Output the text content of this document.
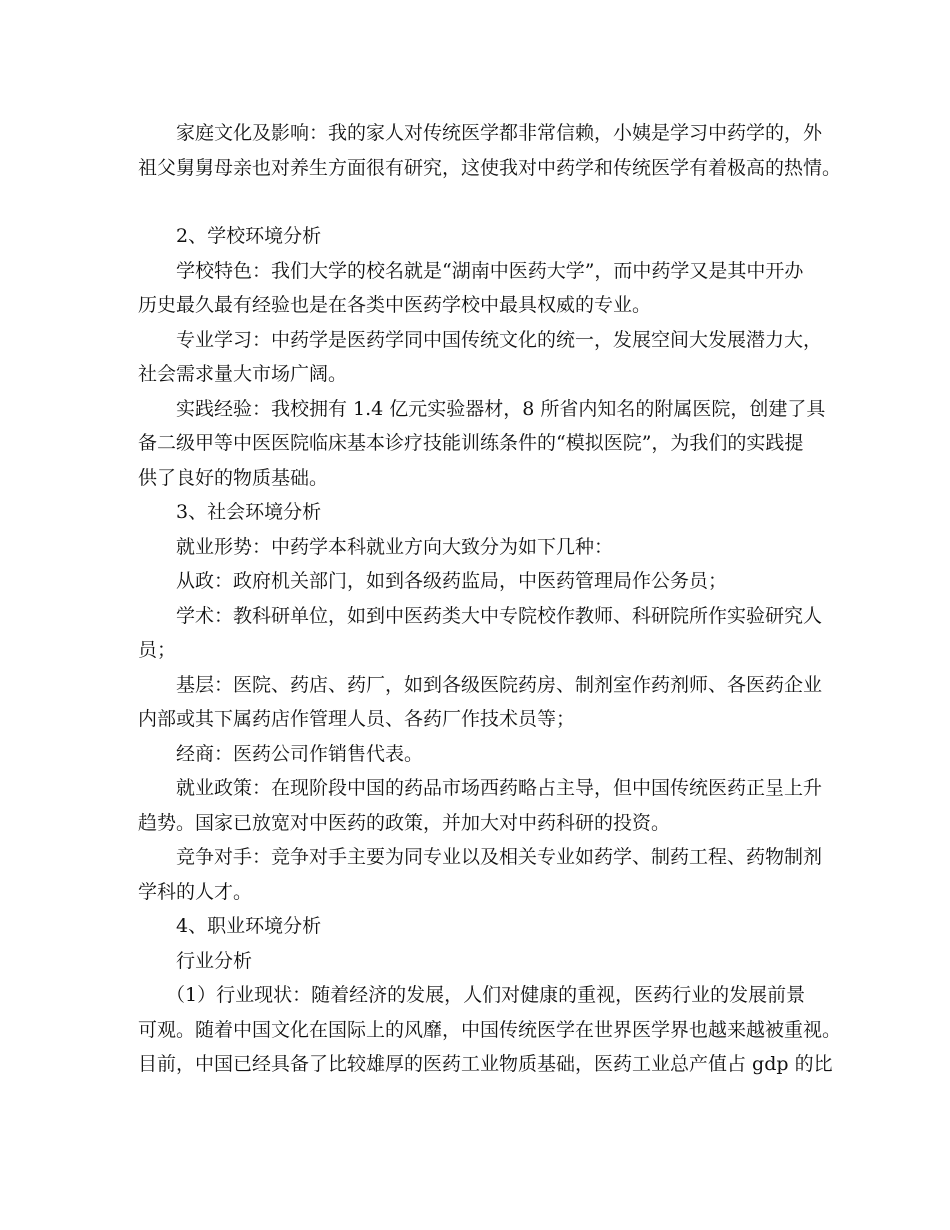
家庭文化及影响：我的家人对传统医学都非常信赖，小姨是学习中药学的，外
祖父舅舅母亲也对养生方面很有研究，这使我对中药学和传统医学有着极高的热情。
2、学校环境分析
学校特色：我们大学的校名就是“湖南中医药大学”，而中药学又是其中开办
历史最久最有经验也是在各类中医药学校中最具权威的专业。
专业学习：中药学是医药学同中国传统文化的统一，发展空间大发展潜力大，
社会需求量大市场广阔。
实践经验：我校拥有 1.4 亿元实验器材，8 所省内知名的附属医院，创建了具
备二级甲等中医医院临床基本诊疗技能训练条件的“模拟医院”，为我们的实践提
供了良好的物质基础。
3、社会环境分析
就业形势：中药学本科就业方向大致分为如下几种：
从政：政府机关部门，如到各级药监局，中医药管理局作公务员；
学术：教科研单位，如到中医药类大中专院校作教师、科研院所作实验研究人
员；
基层：医院、药店、药厂，如到各级医院药房、制剂室作药剂师、各医药企业
内部或其下属药店作管理人员、各药厂作技术员等；
经商：医药公司作销售代表。
就业政策：在现阶段中国的药品市场西药略占主导，但中国传统医药正呈上升
趋势。国家已放宽对中医药的政策，并加大对中药科研的投资。
竞争对手：竞争对手主要为同专业以及相关专业如药学、制药工程、药物制剂
学科的人才。
4、职业环境分析
行业分析
（1）行业现状：随着经济的发展，人们对健康的重视，医药行业的发展前景
可观。随着中国文化在国际上的风靡，中国传统医学在世界医学界也越来越被重视。
目前，中国已经具备了比较雄厚的医药工业物质基础，医药工业总产值占 gdp 的比
